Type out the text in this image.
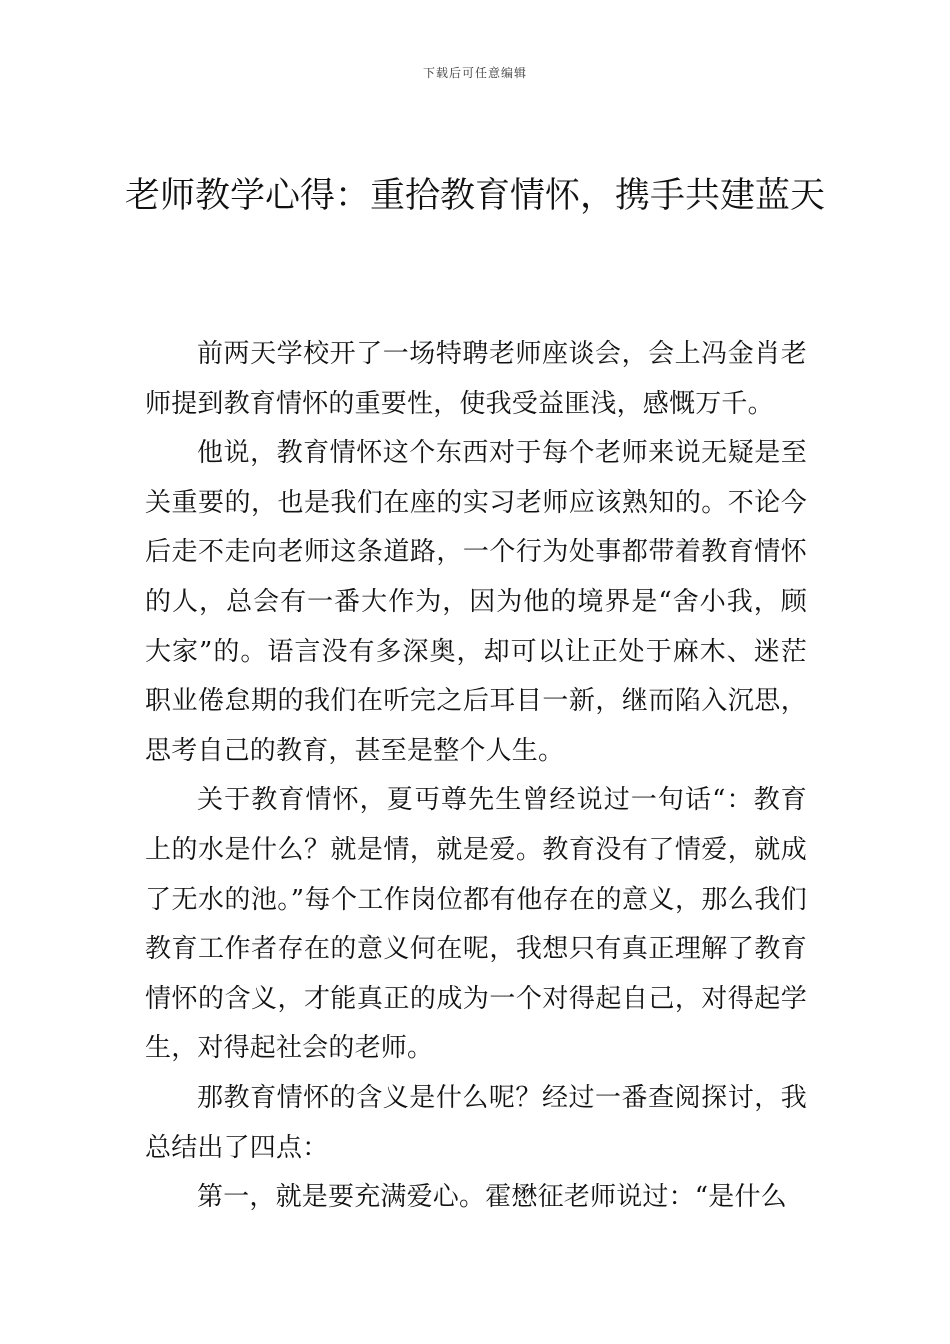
下载后可任意编辑
老师教学心得：重拾教育情怀，携手共建蓝天

前两天学校开了一场特聘老师座谈会，会上冯金肖老师提到教育情怀的重要性，使我受益匪浅，感慨万千。

他说，教育情怀这个东西对于每个老师来说无疑是至关重要的，也是我们在座的实习老师应该熟知的。不论今后走不走向老师这条道路，一个行为处事都带着教育情怀的人，总会有一番大作为，因为他的境界是“舍小我，顾大家”的。语言没有多深奥，却可以让正处于麻木、迷茫职业倦怠期的我们在听完之后耳目一新，继而陷入沉思，思考自己的教育，甚至是整个人生。

关于教育情怀，夏丏尊先生曾经说过一句话“：教育上的水是什么？就是情，就是爱。教育没有了情爱，就成了无水的池。”每个工作岗位都有他存在的意义，那么我们教育工作者存在的意义何在呢，我想只有真正理解了教育情怀的含义，才能真正的成为一个对得起自己，对得起学生，对得起社会的老师。

那教育情怀的含义是什么呢？经过一番查阅探讨，我总结出了四点：

第一，就是要充满爱心。霍懋征老师说过：“是什么
